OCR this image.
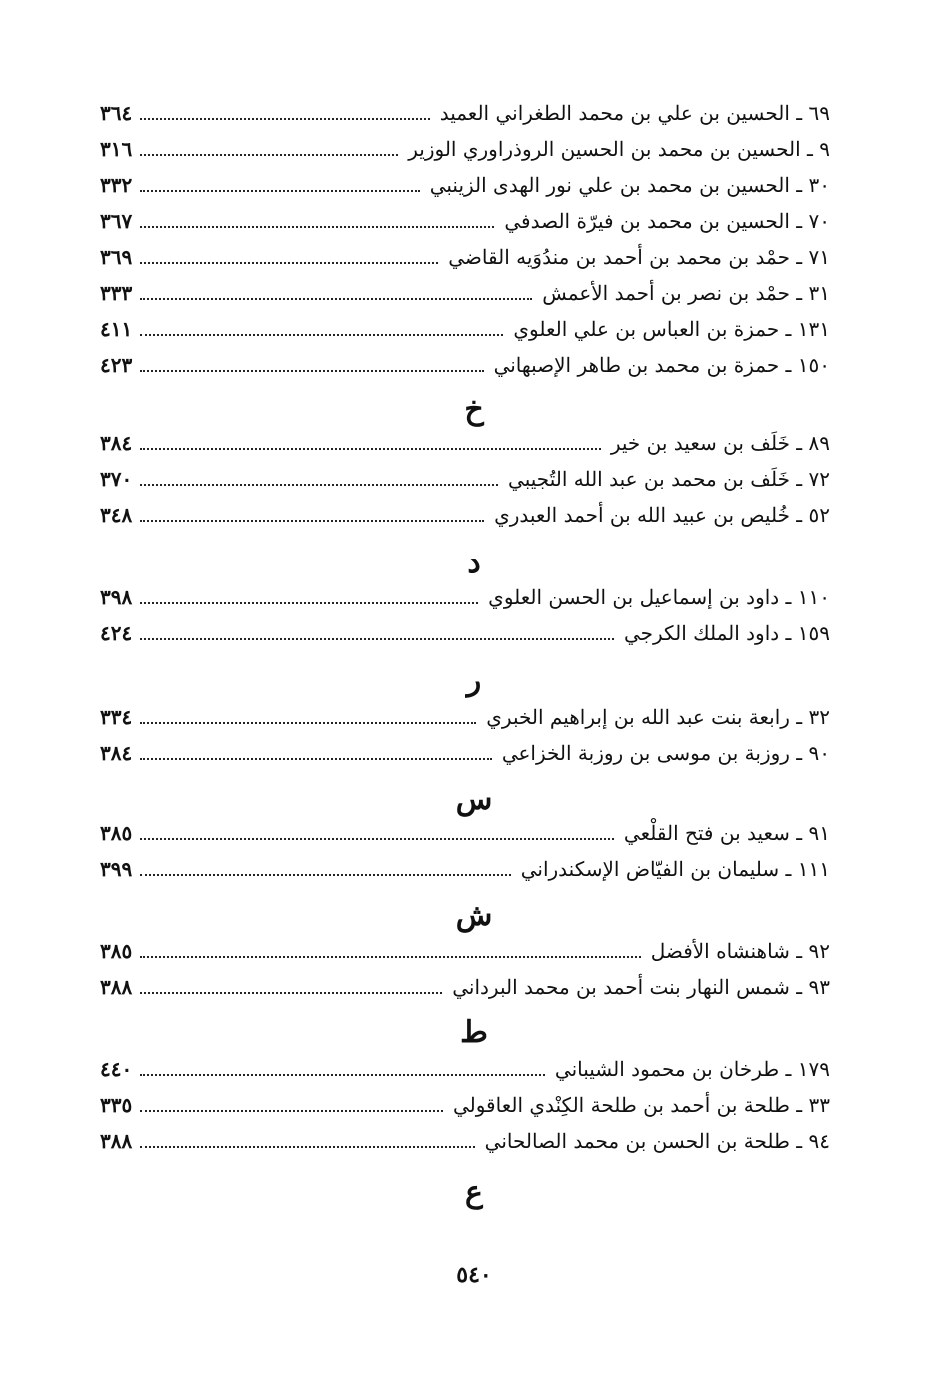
٦٩ ـ الحسين بن علي بن محمد الطغراني العميد
٣٦٤
٩ ـ الحسين بن محمد بن الحسين الروذراوري الوزير
٣١٦
٣٠ ـ الحسين بن محمد بن علي نور الهدى الزينبي
٣٣٢
٧٠ ـ الحسين بن محمد بن فيرّة الصدفي
٣٦٧
٧١ ـ حمْد بن محمد بن أحمد بن مندُوَيه القاضي
٣٦٩
٣١ ـ حمْد بن نصر بن أحمد الأعمش
٣٣٣
١٣١ ـ حمزة بن العباس بن علي العلوي
٤١١
١٥٠ ـ حمزة بن محمد بن طاهر الإصبهاني
٤٢٣
خ
٨٩ ـ خَلَف بن سعيد بن خير
٣٨٤
٧٢ ـ خَلَف بن محمد بن عبد الله التُجيبي
٣٧٠
٥٢ ـ خُليص بن عبيد الله بن أحمد العبدري
٣٤٨
د
١١٠ ـ داود بن إسماعيل بن الحسن العلوي
٣٩٨
١٥٩ ـ داود الملك الكرجي
٤٢٤
ر
٣٢ ـ رابعة بنت عبد الله بن إبراهيم الخبري
٣٣٤
٩٠ ـ روزبة بن موسى بن روزبة الخزاعي
٣٨٤
س
٩١ ـ سعيد بن فتح القلْعي
٣٨٥
١١١ ـ سليمان بن الفيّاض الإسكندراني
٣٩٩
ش
٩٢ ـ شاهنشاه الأفضل
٣٨٥
٩٣ ـ شمس النهار بنت أحمد بن محمد البرداني
٣٨٨
ط
١٧٩ ـ طرخان بن محمود الشيباني
٤٤٠
٣٣ ـ طلحة بن أحمد بن طلحة الكِنْدي العاقولي
٣٣٥
٩٤ ـ طلحة بن الحسن بن محمد الصالحاني
٣٨٨
ع
٥٤٠
